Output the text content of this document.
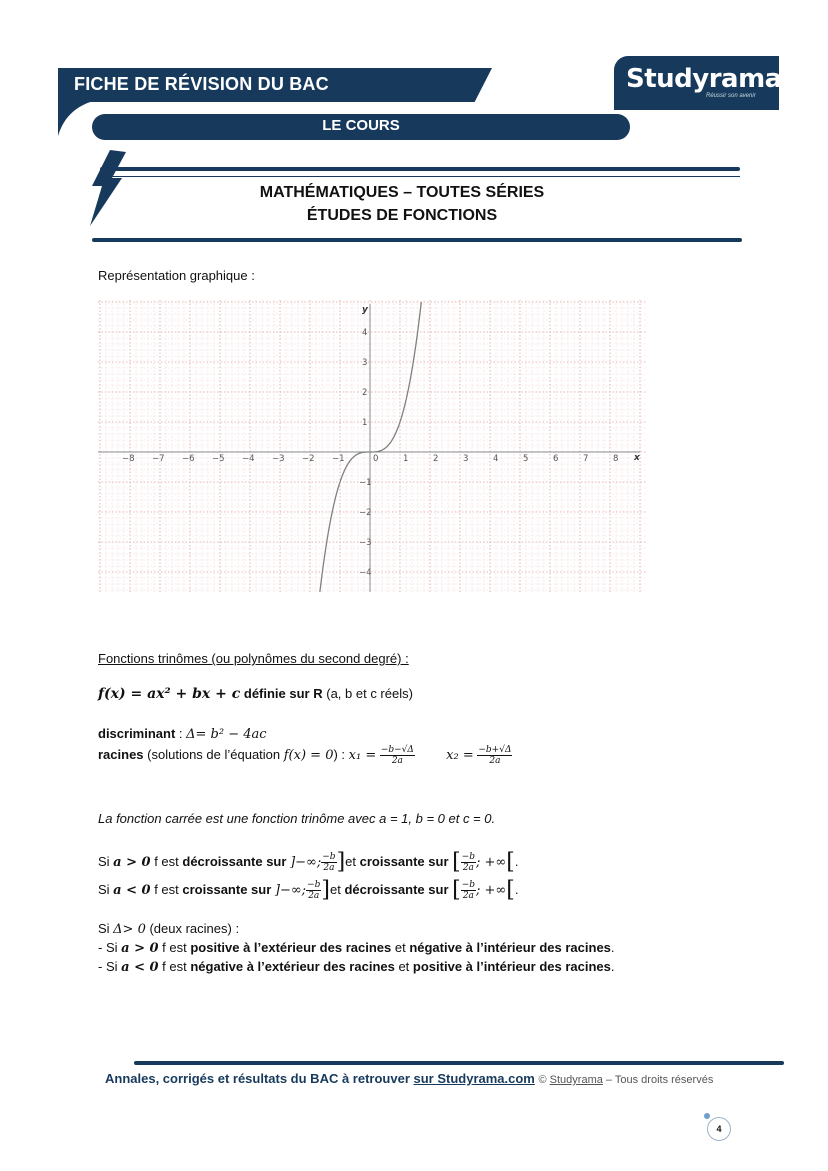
FICHE DE RÉVISION DU BAC
LE COURS
Studyrama
Réussir son avenir
MATHÉMATIQUES – TOUTES SÉRIES
ÉTUDES DE FONCTIONS
Représentation graphique :
x
y
−8 −7 −6 −5 −4 −3 −2 −1	0	1	2	3	4	5	6	7	8
4
3
2
1
−1
−2
−3
−4
Fonctions trinômes (ou polynômes du second degré) :
f(x) = ax² + bx + c définie sur R (a, b et c réels)
discriminant : Δ= b² − 4ac
racines (solutions de l’équation f(x) = 0) : $x_1 = \frac{-b-√\Delta}{2a} x_2 = \frac{-b+√\Delta}{2a}$
La fonction carrée est une fonction trinôme avec a = 1, b = 0 et c = 0.
Si a > 0 f est décroissante sur ]−∞; $\frac{-b}{2a} ]et$ croissante sur [ $\frac{-b}{2a}$ ; +∞[.
Si a < 0 f est croissante sur ]−∞; $\frac{-b}{2a} ]et$ décroissante sur [ $\frac{-b}{2a}$ ; +∞[.
Si Δ> 0 (deux racines) :
- Si a > 0 f est positive à l’extérieur des racines et négative à l’intérieur des racines.
- Si a < 0 f est négative à l’extérieur des racines et positive à l’intérieur des racines.
Annales, corrigés et résultats du BAC à retrouver sur Studyrama.com © Studyrama – Tous droits réservés
4
